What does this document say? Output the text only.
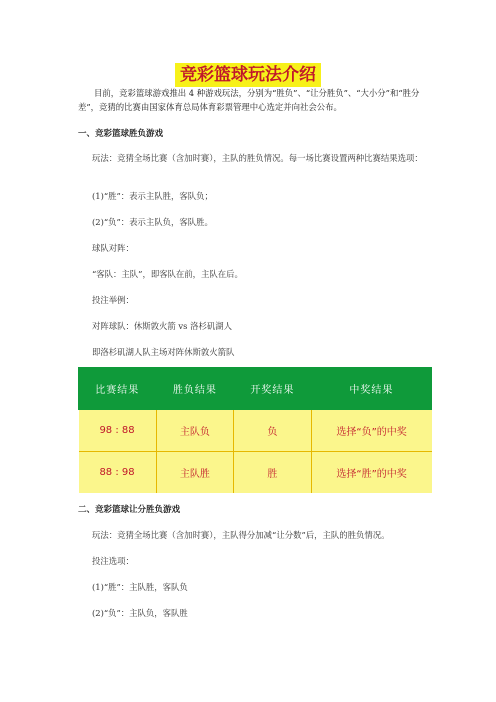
竞彩篮球玩法介绍
目前，竞彩篮球游戏推出 4 种游戏玩法，分别为“胜负”、“让分胜负”、“大小分”和“胜分差”，竞猜的比赛由国家体育总局体育彩票管理中心选定并向社会公布。
一、竞彩篮球胜负游戏
玩法：竞猜全场比赛（含加时赛），主队的胜负情况。每一场比赛设置两种比赛结果选项：
(1)“胜”：表示主队胜，客队负；
(2)“负”：表示主队负，客队胜。
球队对阵：
“客队：主队”，即客队在前，主队在后。
投注举例：
对阵球队：休斯敦火箭 vs 洛杉矶湖人
即洛杉矶湖人队主场对阵休斯敦火箭队
比赛结果	胜负结果	开奖结果	中奖结果
98 : 88	主队负	负	选择“负”的中奖
88 : 98	主队胜	胜	选择“胜”的中奖
二、竞彩篮球让分胜负游戏
玩法：竞猜全场比赛（含加时赛），主队得分加减“让分数”后，主队的胜负情况。
投注选项：
(1)“胜”：主队胜，客队负
(2)“负”：主队负，客队胜
